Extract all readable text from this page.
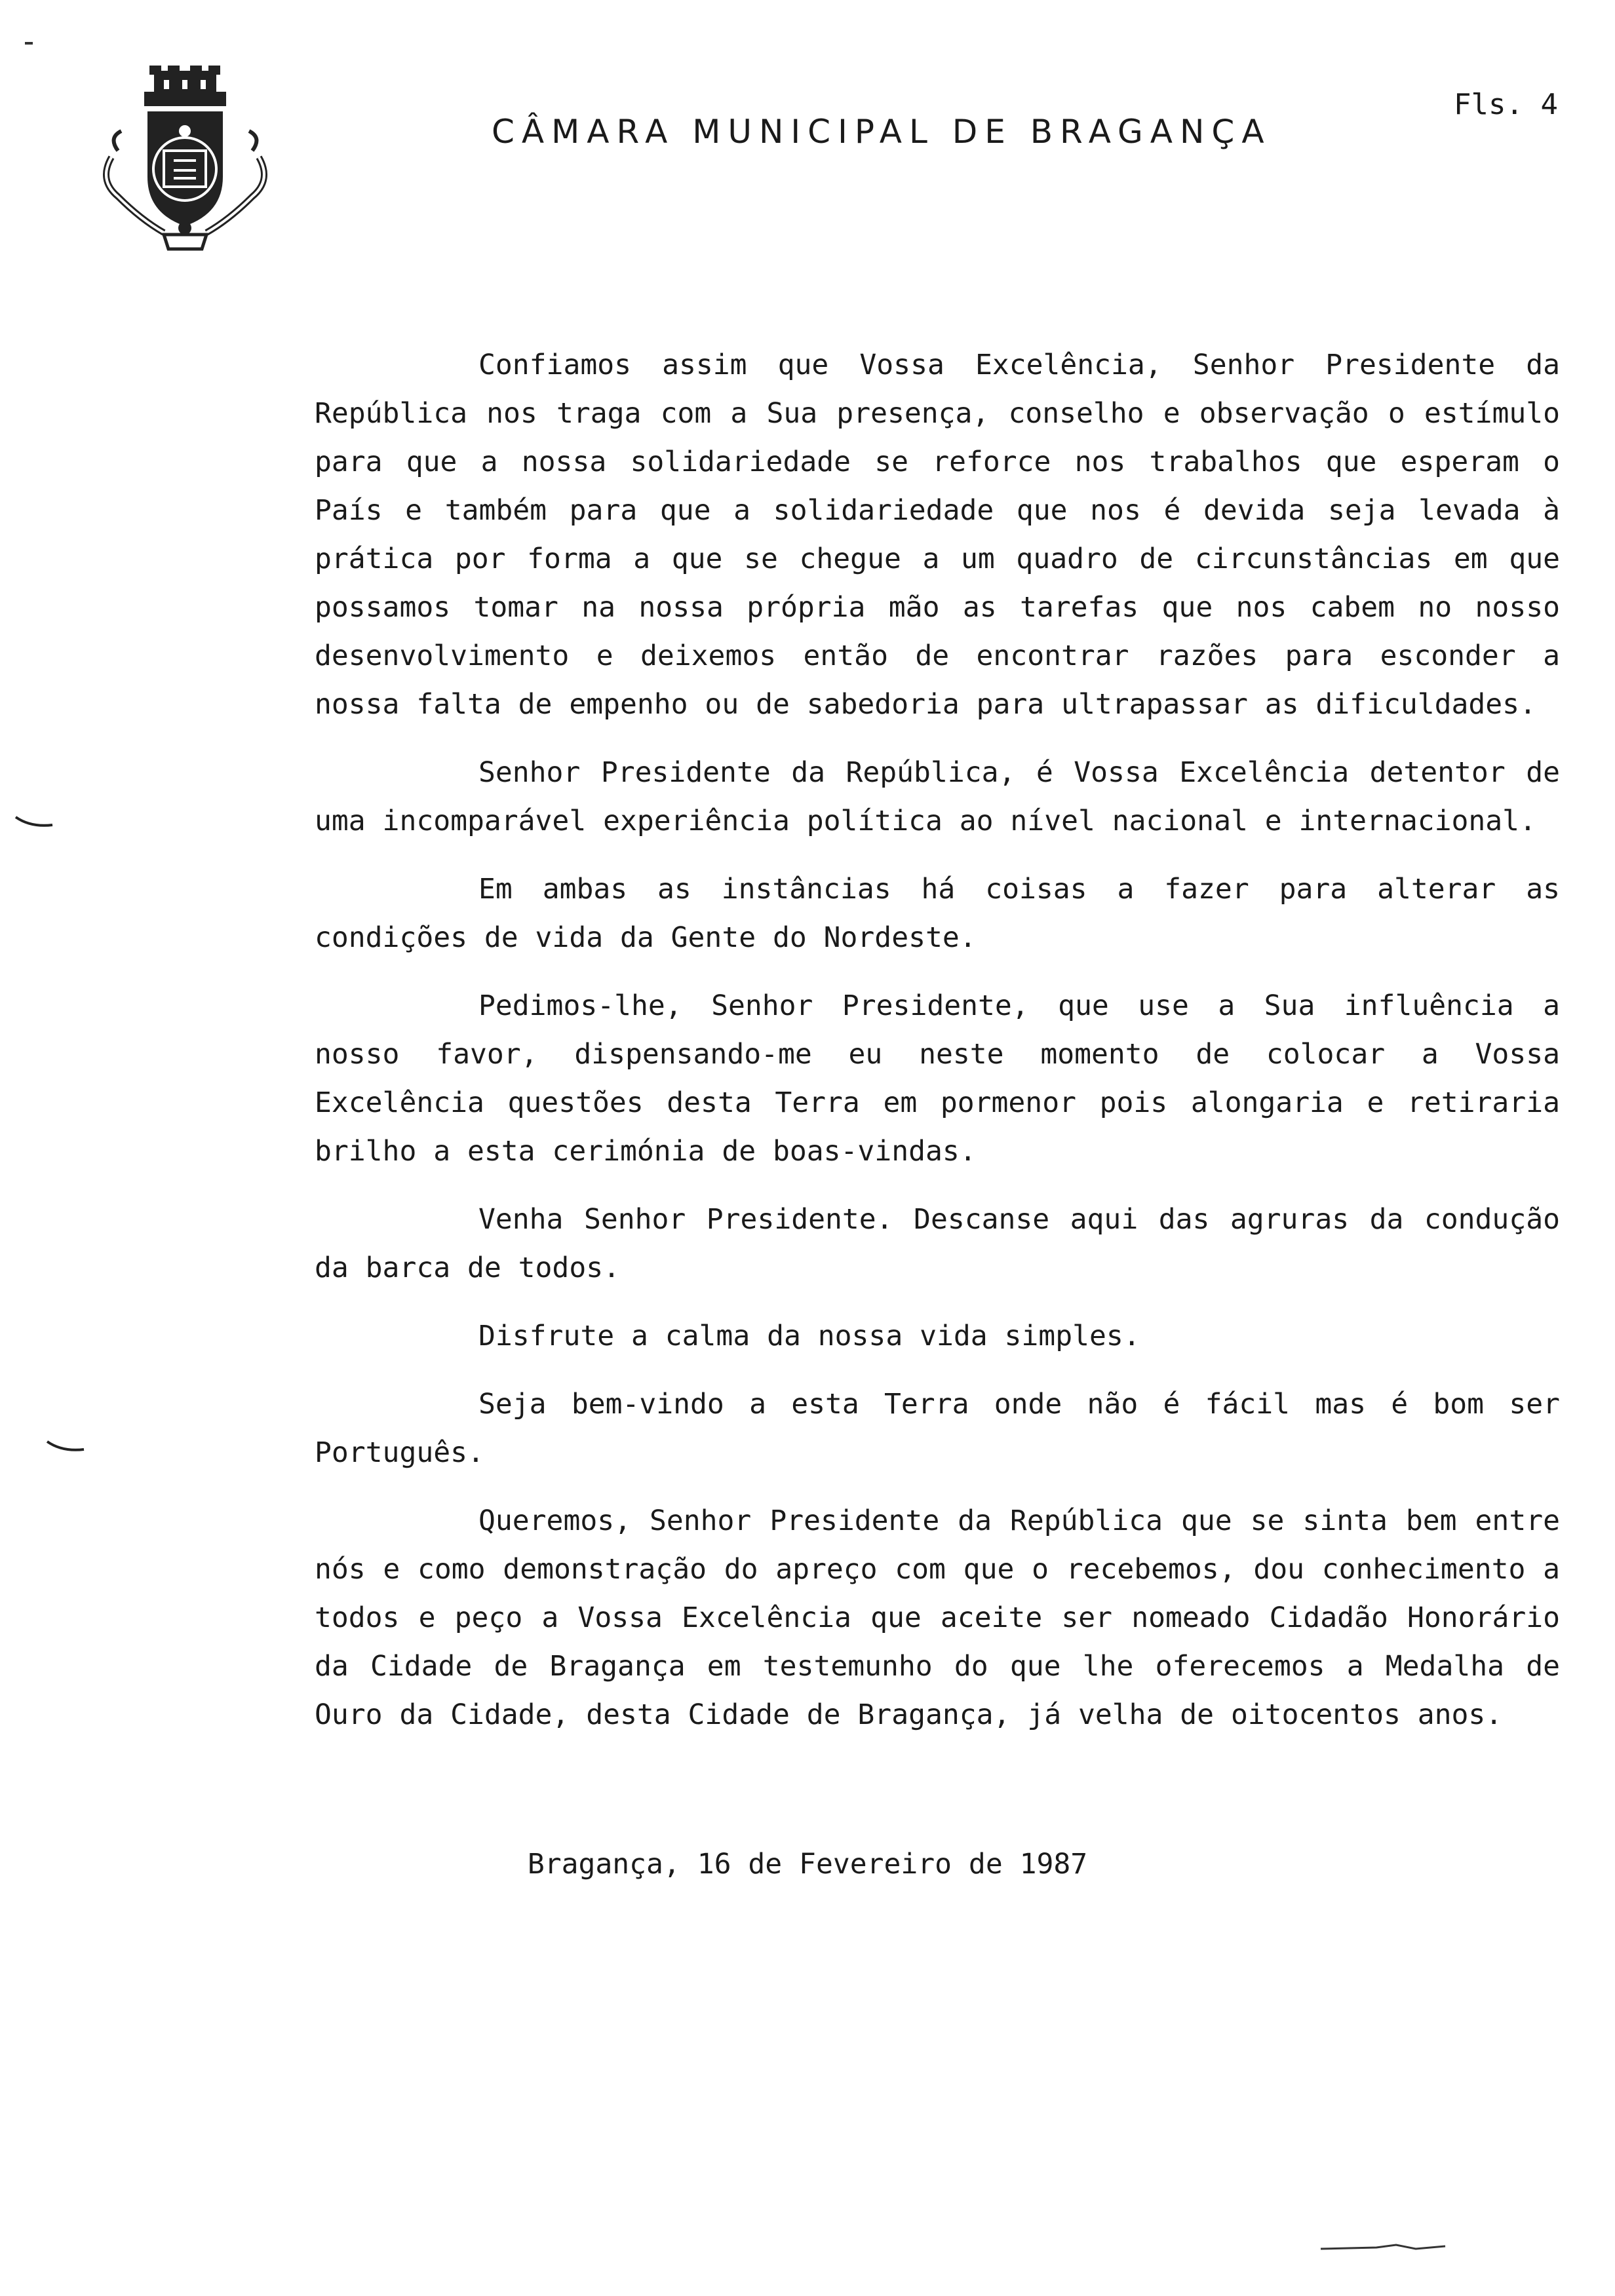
CÂMARA MUNICIPAL DE BRAGANÇA
Fls. 4

Confiamos assim que Vossa Excelência, Senhor Presidente da República nos traga com a Sua presença, conselho e observação o estímulo para que a nossa solidariedade se reforce nos trabalhos que esperam o País e também para que a solidariedade que nos é devida seja levada à prática por forma a que se chegue a um quadro de circunstâncias em que possamos tomar na nossa própria mão as tarefas que nos cabem no nosso desenvolvimento e deixemos então de encontrar razões para esconder a nossa falta de empenho ou de sabedoria para ultrapassar as dificuldades.

Senhor Presidente da República, é Vossa Excelência detentor de uma incomparável experiência política ao nível nacional e internacional.

Em ambas as instâncias há coisas a fazer para alterar as condições de vida da Gente do Nordeste.

Pedimos-lhe, Senhor Presidente, que use a Sua influência a nosso favor, dispensando-me eu neste momento de colocar a Vossa Excelência questões desta Terra em pormenor pois alongaria e retiraria brilho a esta cerimónia de boas-vindas.

Venha Senhor Presidente. Descanse aqui das agruras da condução da barca de todos.

Disfrute a calma da nossa vida simples.

Seja bem-vindo a esta Terra onde não é fácil mas é bom ser Português.

Queremos, Senhor Presidente da República que se sinta bem entre nós e como demonstração do apreço com que o recebemos, dou conhecimento a todos e peço a Vossa Excelência que aceite ser nomeado Cidadão Honorário da Cidade de Bragança em testemunho do que lhe oferecemos a Medalha de Ouro da Cidade, desta Cidade de Bragança, já velha de oitocentos anos.

Bragança, 16 de Fevereiro de 1987
